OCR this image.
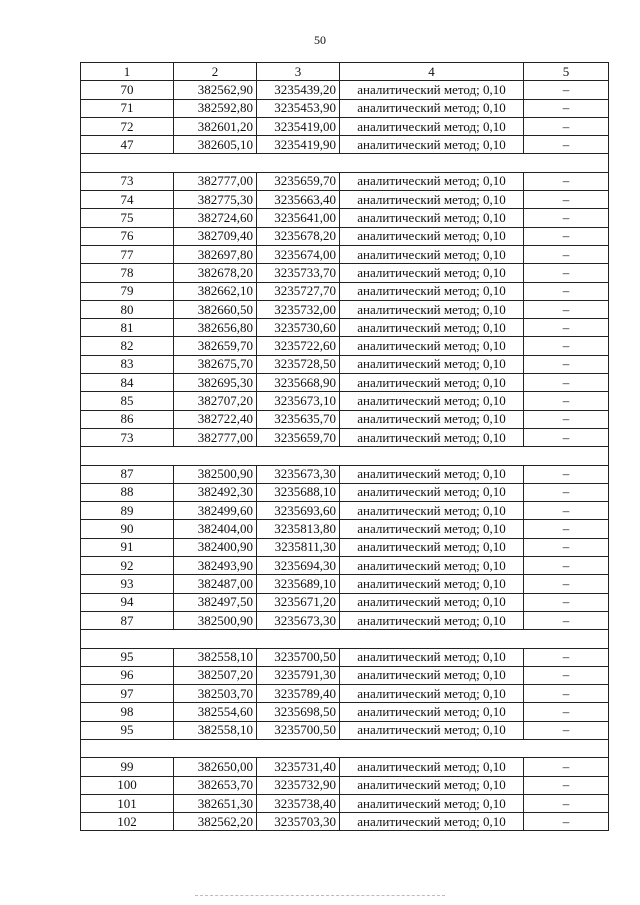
50
1	2	3	4	5
70	382562,90	3235439,20	аналитический метод; 0,10	–
71	382592,80	3235453,90	аналитический метод; 0,10	–
72	382601,20	3235419,00	аналитический метод; 0,10	–
47	382605,10	3235419,90	аналитический метод; 0,10	–

73	382777,00	3235659,70	аналитический метод; 0,10	–
74	382775,30	3235663,40	аналитический метод; 0,10	–
75	382724,60	3235641,00	аналитический метод; 0,10	–
76	382709,40	3235678,20	аналитический метод; 0,10	–
77	382697,80	3235674,00	аналитический метод; 0,10	–
78	382678,20	3235733,70	аналитический метод; 0,10	–
79	382662,10	3235727,70	аналитический метод; 0,10	–
80	382660,50	3235732,00	аналитический метод; 0,10	–
81	382656,80	3235730,60	аналитический метод; 0,10	–
82	382659,70	3235722,60	аналитический метод; 0,10	–
83	382675,70	3235728,50	аналитический метод; 0,10	–
84	382695,30	3235668,90	аналитический метод; 0,10	–
85	382707,20	3235673,10	аналитический метод; 0,10	–
86	382722,40	3235635,70	аналитический метод; 0,10	–
73	382777,00	3235659,70	аналитический метод; 0,10	–

87	382500,90	3235673,30	аналитический метод; 0,10	–
88	382492,30	3235688,10	аналитический метод; 0,10	–
89	382499,60	3235693,60	аналитический метод; 0,10	–
90	382404,00	3235813,80	аналитический метод; 0,10	–
91	382400,90	3235811,30	аналитический метод; 0,10	–
92	382493,90	3235694,30	аналитический метод; 0,10	–
93	382487,00	3235689,10	аналитический метод; 0,10	–
94	382497,50	3235671,20	аналитический метод; 0,10	–
87	382500,90	3235673,30	аналитический метод; 0,10	–

95	382558,10	3235700,50	аналитический метод; 0,10	–
96	382507,20	3235791,30	аналитический метод; 0,10	–
97	382503,70	3235789,40	аналитический метод; 0,10	–
98	382554,60	3235698,50	аналитический метод; 0,10	–
95	382558,10	3235700,50	аналитический метод; 0,10	–

99	382650,00	3235731,40	аналитический метод; 0,10	–
100	382653,70	3235732,90	аналитический метод; 0,10	–
101	382651,30	3235738,40	аналитический метод; 0,10	–
102	382562,20	3235703,30	аналитический метод; 0,10	–
